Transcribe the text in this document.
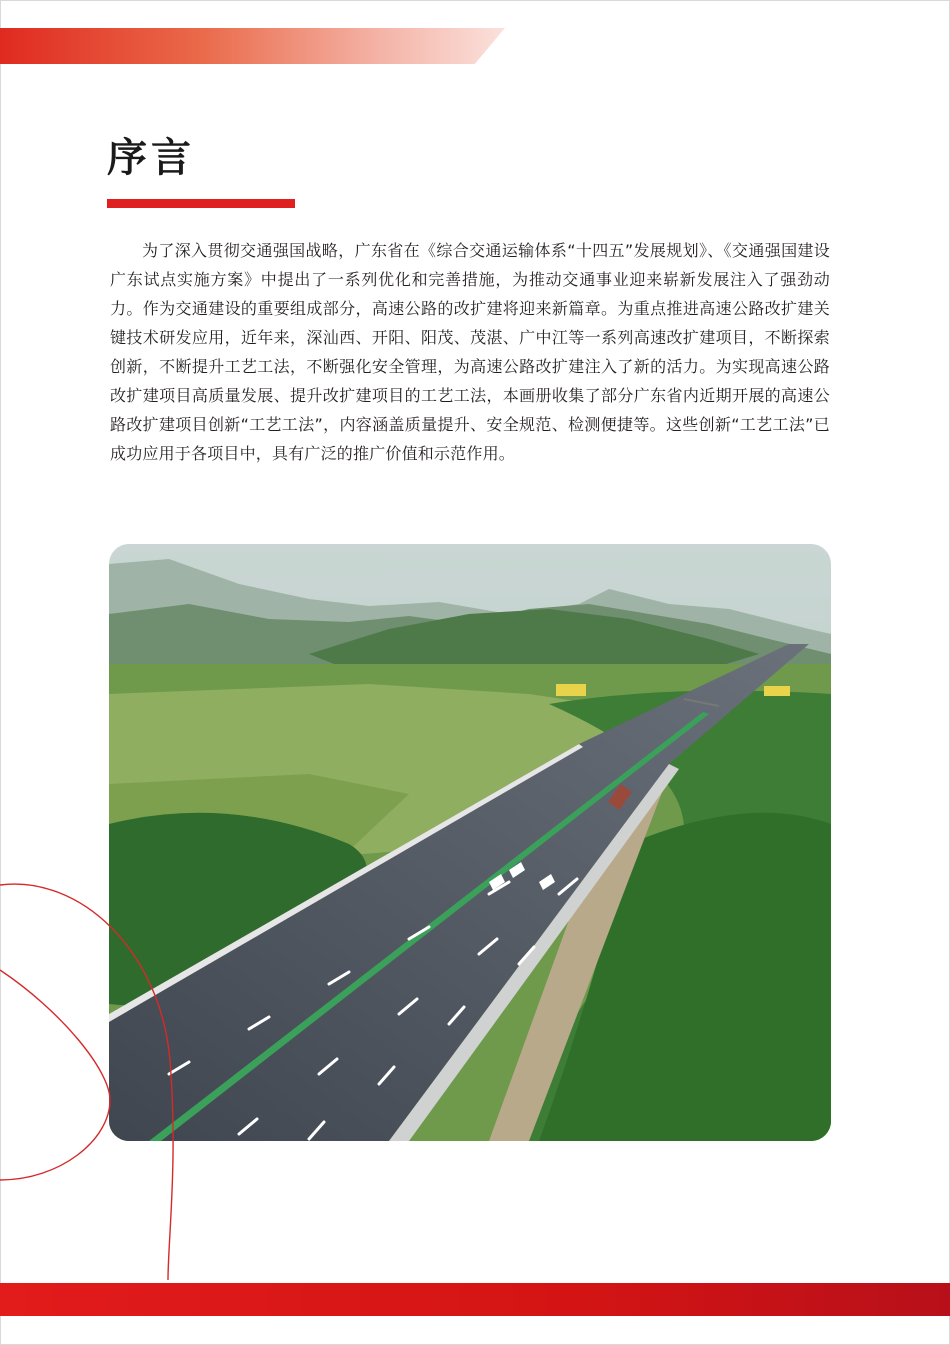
序言

为了深入贯彻交通强国战略，广东省在《综合交通运输体系“十四五”发展规划》、《交通强国建设广东试点实施方案》中提出了一系列优化和完善措施，为推动交通事业迎来崭新发展注入了强劲动力。作为交通建设的重要组成部分，高速公路的改扩建将迎来新篇章。为重点推进高速公路改扩建关键技术研发应用，近年来，深汕西、开阳、阳茂、茂湛、广中江等一系列高速改扩建项目，不断探索创新，不断提升工艺工法，不断强化安全管理，为高速公路改扩建注入了新的活力。为实现高速公路改扩建项目高质量发展、提升改扩建项目的工艺工法，本画册收集了部分广东省内近期开展的高速公路改扩建项目创新“工艺工法”，内容涵盖质量提升、安全规范、检测便捷等。这些创新“工艺工法”已成功应用于各项目中，具有广泛的推广价值和示范作用。
